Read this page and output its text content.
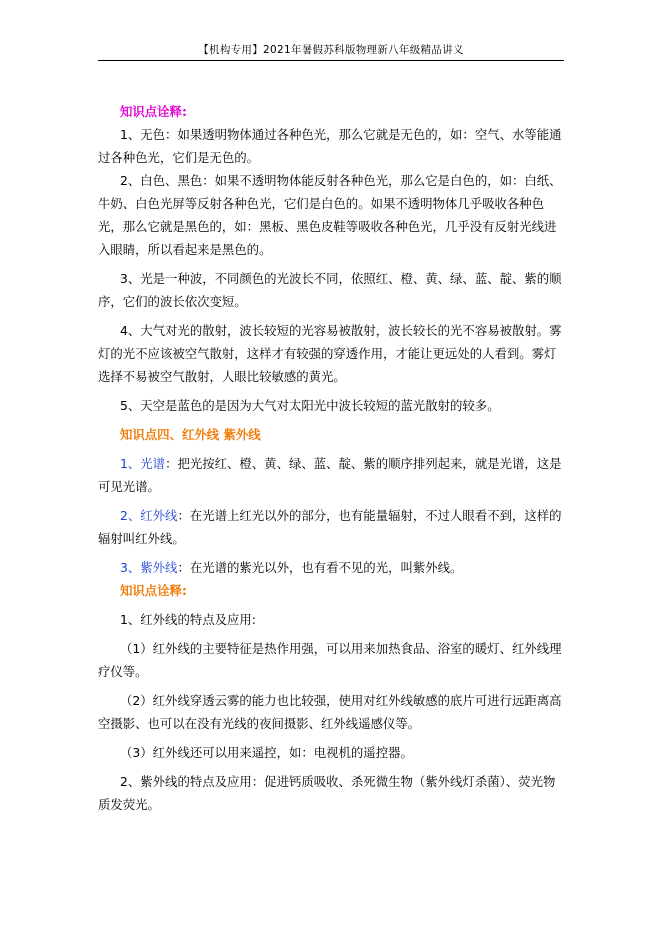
【机构专用】2021年暑假苏科版物理新八年级精品讲义

知识点诠释:

1、无色：如果透明物体通过各种色光，那么它就是无色的，如：空气、水等能通过各种色光，它们是无色的。

2、白色、黑色：如果不透明物体能反射各种色光，那么它是白色的，如：白纸、牛奶、白色光屏等反射各种色光，它们是白色的。如果不透明物体几乎吸收各种色光，那么它就是黑色的，如：黑板、黑色皮鞋等吸收各种色光，几乎没有反射光线进入眼睛，所以看起来是黑色的。

3、光是一种波，不同颜色的光波长不同，依照红、橙、黄、绿、蓝、靛、紫的顺序，它们的波长依次变短。

4、大气对光的散射，波长较短的光容易被散射，波长较长的光不容易被散射。雾灯的光不应该被空气散射，这样才有较强的穿透作用，才能让更远处的人看到。雾灯选择不易被空气散射，人眼比较敏感的黄光。

5、天空是蓝色的是因为大气对太阳光中波长较短的蓝光散射的较多。

知识点四、红外线 紫外线

1、光谱：把光按红、橙、黄、绿、蓝、靛、紫的顺序排列起来，就是光谱，这是可见光谱。

2、红外线：在光谱上红光以外的部分，也有能量辐射，不过人眼看不到，这样的辐射叫红外线。

3、紫外线：在光谱的紫光以外，也有看不见的光，叫紫外线。

知识点诠释:

1、红外线的特点及应用:

（1）红外线的主要特征是热作用强，可以用来加热食品、浴室的暖灯、红外线理疗仪等。

（2）红外线穿透云雾的能力也比较强，使用对红外线敏感的底片可进行远距离高空摄影、也可以在没有光线的夜间摄影、红外线遥感仪等。

（3）红外线还可以用来遥控，如：电视机的遥控器。

2、紫外线的特点及应用：促进钙质吸收、杀死微生物（紫外线灯杀菌）、荧光物质发荧光。
